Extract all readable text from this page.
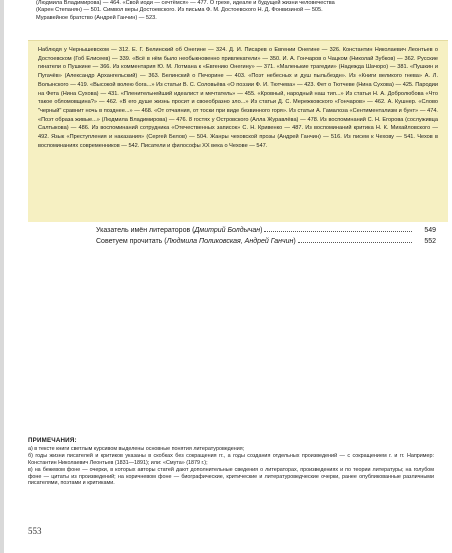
(Людмила Владимирова) — 464. «Свой иоди — сечтёмся» — 477. О грехе, идеале и будущей жизни человечества

(Карен Степанян) — 501. Символ веры Достоевского. Из письма Ф. М. Достоевского Н. Д. Фонвизиной — 505.

Муравейное братство (Андрей Ганчин) — 523.

Наблюдя у Чернышевском — 312. Е. Г. Белинский об Онегине — 324. Д. И. Писарев о Евгении Онегине — 326. Константин Николаевич Леонтьев о Достоевском (Гоб Елисеев) — 339. «Всё в нём было необыкновенно привлекатели» — 350. И. А. Гончаров о Чацком (Николай Зубков) — 362. Русские гинатели о Пушкине — 366. Из комментария Ю. М. Лотмана к «Евгению Онегину» — 371. «Маленькие трагедии» (Надежда Шачоро) — 381. «Пушкин и Пугачёв» (Александр Архангельский) — 363. Белинский о Печорине — 403. «Поэт небесных и душ пыльбездн». Из «Книги великого гнева» А. Л. Волынского — 419. «Высокой волею бога...» Из статьи В. С. Соловьёва «О поэзии Ф. И. Тютчева» — 423. Фет о Тютчеве (Нина Сухова) — 425. Пародии на Фета (Нина Сухова) — 431. «Пленительнейший идеалист и мечтатель» — 455. «Кровный, народный наш тип...» Из статьи Н. А. Добролюбова «Что такое обломовщина?» — 462. «В его душе жизнь просит и своеобразно зло...» Из статьи Д. С. Мережковского «Гончаров» — 462. А. Кушнер. «Слово "черный" сравнит ночь в позднее...» — 468. «От отчаяния, от тоски при виде безвинного горя». Из статьи А. Гамалоза «Сентиментализм и бунт» — 474. «Поэт образа живые...» (Людмила Владимирова) — 476. 8 гостях у Островского (Алла Журавлёва) — 478. Из воспоминаний С. Н. Егорова (сослуживца Салтыкова) — 486. Из воспоминаний сотрудника «Отечественных записок» С. Н. Кривенко — 487. Из воспоминаний критика Н. К. Михайловского — 492. Язык «Преступления и наказания» (Сергей Белов) — 504. Жанры чеховской прозы (Андрей Ганчин) — 516. Из писем к Чехову — 541. Чехов в воспоминаниях современников — 542. Писатели и философы XX века о Чехове — 547.

Указатель имён литераторов ( Дмитрий Болдычан )	549
Советуем прочитать ( Людмила Поликовская, Андрей Ганчин )	552
ПРИМЕЧАНИЯ:

а) в тексте книги светлым курсивом выделены основные понятия литературоведения;

б) годы жизни писателей и критиков указаны в скобках без сокращения гг., а годы создания отдельных произведений — с сокращением г. и гг. Например: Константин Николаевич Леонтьев (1831—1891); или: «Смута» (1879 г.);

в) на бежевом фоне — очерки, в которых авторы статей дают дополнительные сведения о литераторах, произведениях и по теории литературы; на голубом фоне — цитаты из произведений; на коричневом фоне — биографические, критические и литературоведческие очерки, ранее опубликованные различными писателями, поэтами и критиками.

553
